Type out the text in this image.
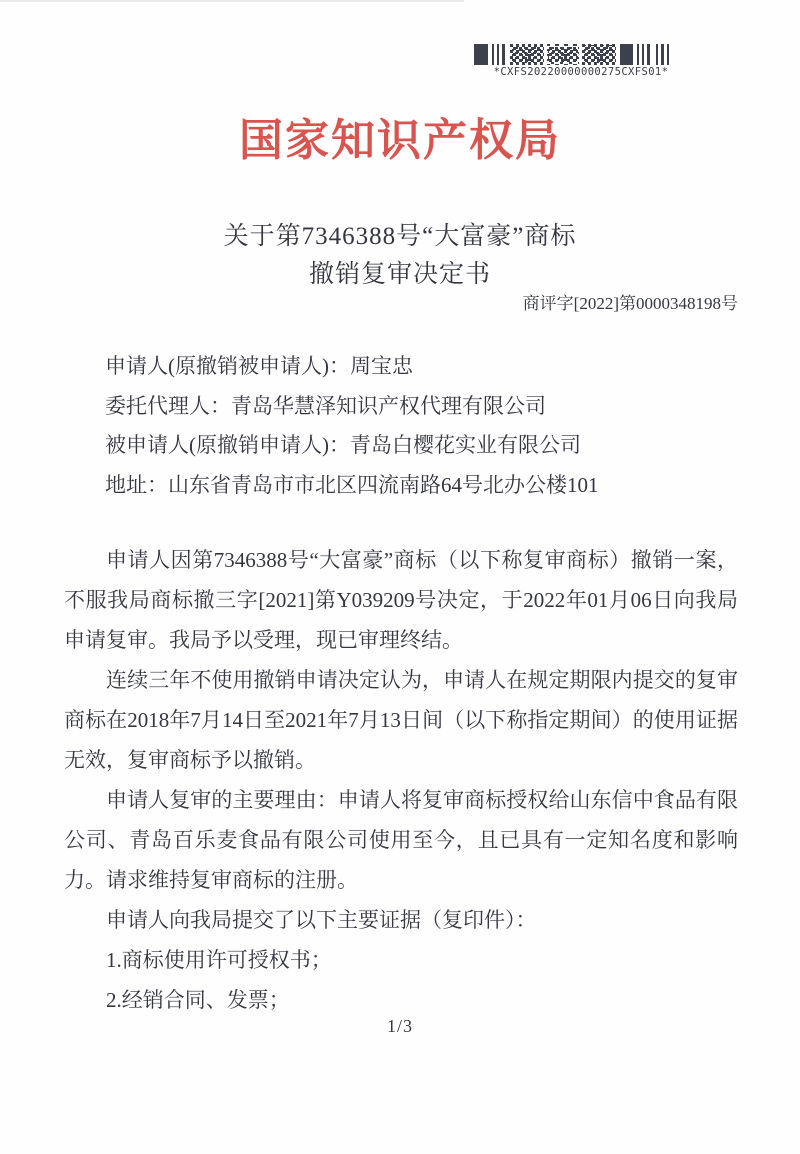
*CXFS20220000000275CXFS01*
国家知识产权局
关于第7346388号“大富豪”商标
撤销复审决定书
商评字[2022]第0000348198号

申请人(原撤销被申请人)：周宝忠

委托代理人：青岛华慧泽知识产权代理有限公司

被申请人(原撤销申请人)：青岛白樱花实业有限公司

地址：山东省青岛市市北区四流南路64号北办公楼101

申请人因第7346388号“大富豪”商标（以下称复审商标）撤销一案，不服我局商标撤三字[2021]第Y039209号决定，于2022年01月06日向我局申请复审。我局予以受理，现已审理终结。

连续三年不使用撤销申请决定认为，申请人在规定期限内提交的复审商标在2018年7月14日至2021年7月13日间（以下称指定期间）的使用证据无效，复审商标予以撤销。

申请人复审的主要理由：申请人将复审商标授权给山东信中食品有限公司、青岛百乐麦食品有限公司使用至今，且已具有一定知名度和影响力。请求维持复审商标的注册。

申请人向我局提交了以下主要证据（复印件）：

1.商标使用许可授权书；

2.经销合同、发票；

1/3
